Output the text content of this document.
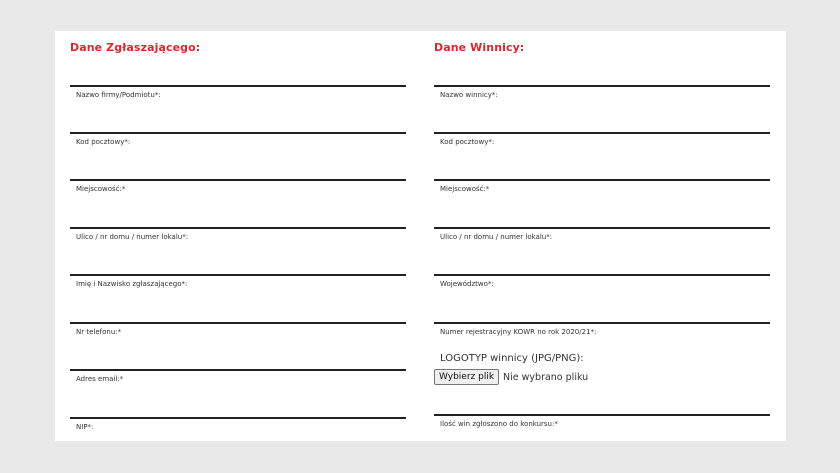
Dane Zgłaszającego:
Nazwo firmy/Podmiotu*:
Kod pocztowy*:
Miejscowość:*
Ulico / nr domu / numer lokalu*:
Imię i Nazwisko zgłaszającego*:
Nr telefonu:*
Adres email:*
NIP*:
Dane Winnicy:
Nazwo winnicy*:
Kod pocztowy*:
Miejscowość:*
Ulico / nr domu / numer lokalu*:
Województwo*:
Numer rejestracyjny KOWR no rok 2020/21*:
LOGOTYP winnicy (JPG/PNG):
Wybierz plik Nie wybrano pliku
Ilość win zgłoszono do konkursu:*
